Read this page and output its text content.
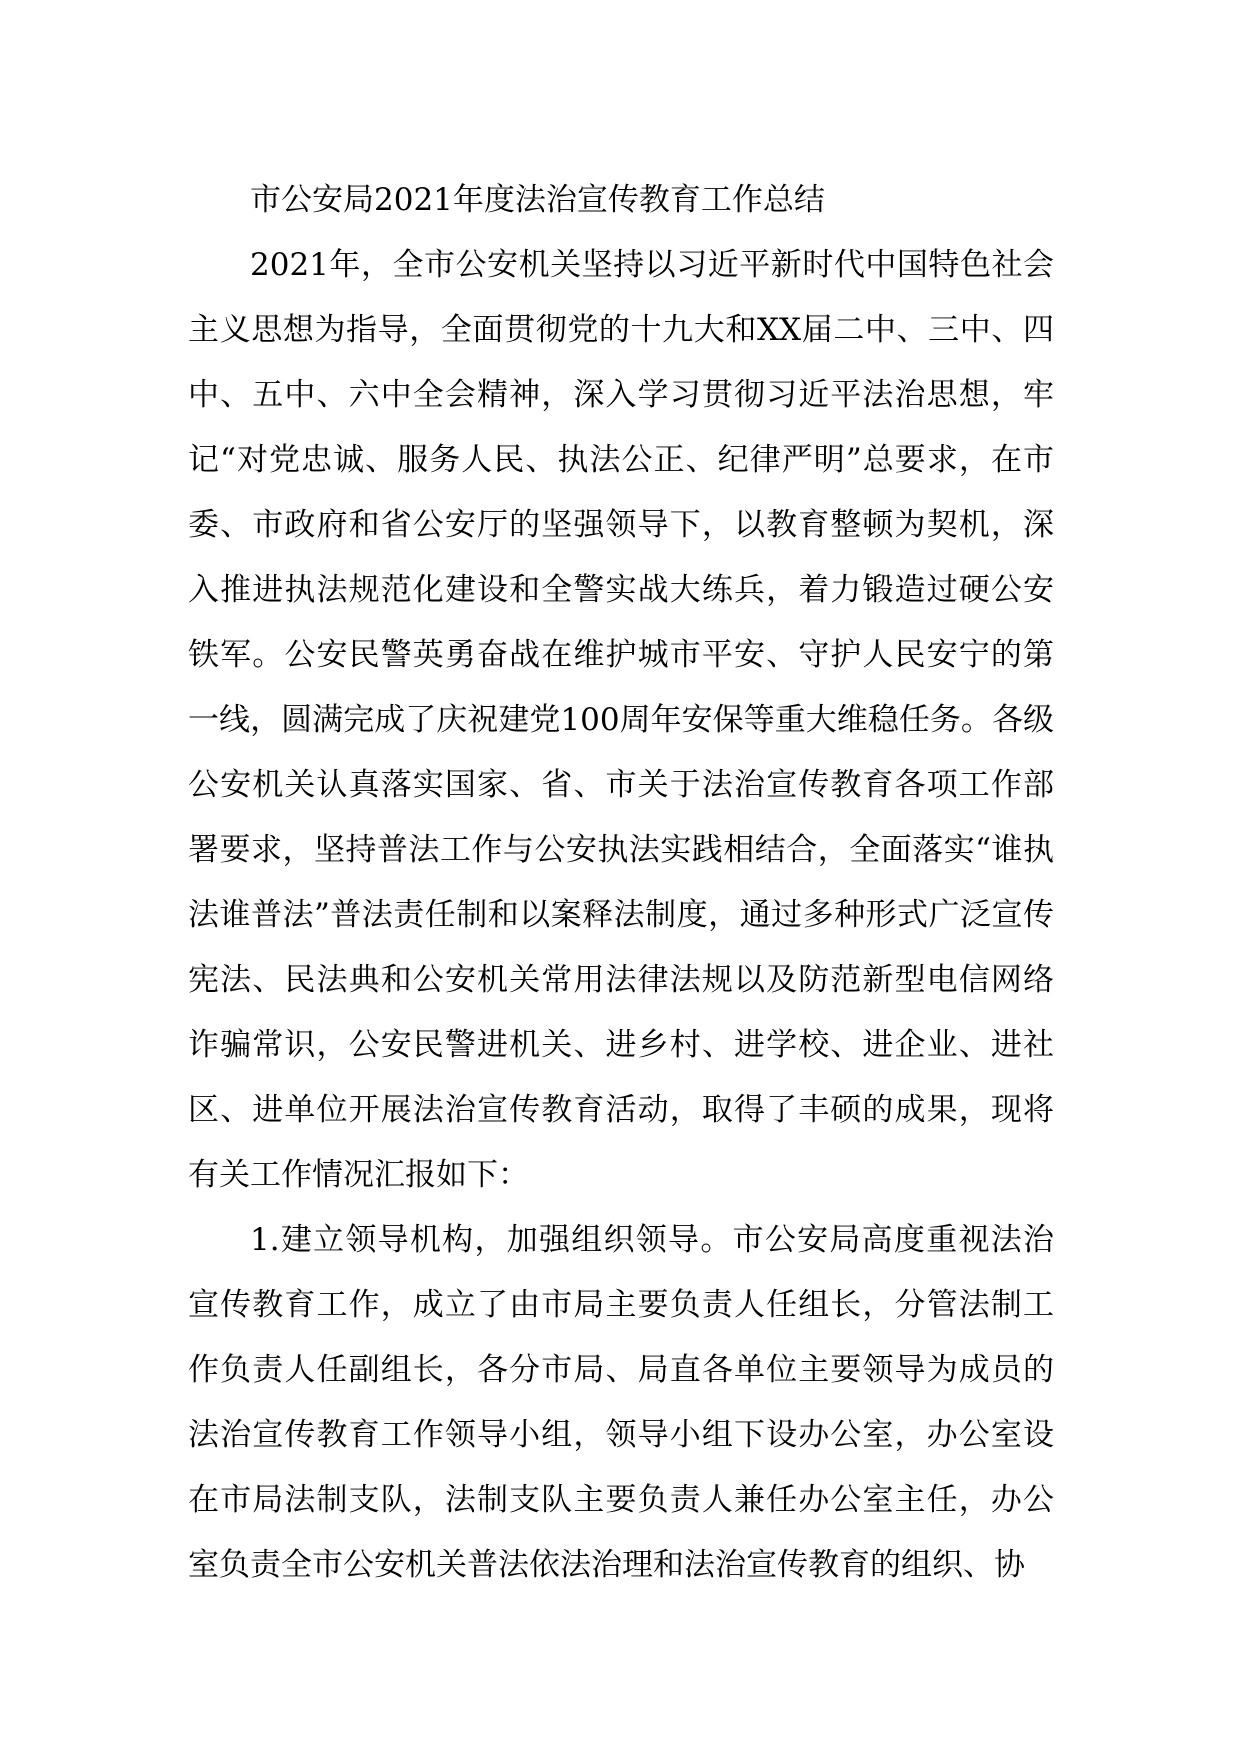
市公安局2021年度法治宣传教育工作总结

2021年，全市公安机关坚持以习近平新时代中国特色社会主义思想为指导，全面贯彻党的十九大和XX届二中、三中、四中、五中、六中全会精神，深入学习贯彻习近平法治思想，牢记“对党忠诚、服务人民、执法公正、纪律严明”总要求，在市委、市政府和省公安厅的坚强领导下，以教育整顿为契机，深入推进执法规范化建设和全警实战大练兵，着力锻造过硬公安铁军。公安民警英勇奋战在维护城市平安、守护人民安宁的第一线，圆满完成了庆祝建党100周年安保等重大维稳任务。各级公安机关认真落实国家、省、市关于法治宣传教育各项工作部署要求，坚持普法工作与公安执法实践相结合，全面落实“谁执法谁普法”普法责任制和以案释法制度，通过多种形式广泛宣传宪法、民法典和公安机关常用法律法规以及防范新型电信网络诈骗常识，公安民警进机关、进乡村、进学校、进企业、进社区、进单位开展法治宣传教育活动，取得了丰硕的成果，现将有关工作情况汇报如下：

1.建立领导机构，加强组织领导。市公安局高度重视法治宣传教育工作，成立了由市局主要负责人任组长，分管法制工作负责人任副组长，各分市局、局直各单位主要领导为成员的法治宣传教育工作领导小组，领导小组下设办公室，办公室设在市局法制支队，法制支队主要负责人兼任办公室主任，办公室负责全市公安机关普法依法治理和法治宣传教育的组织、协
